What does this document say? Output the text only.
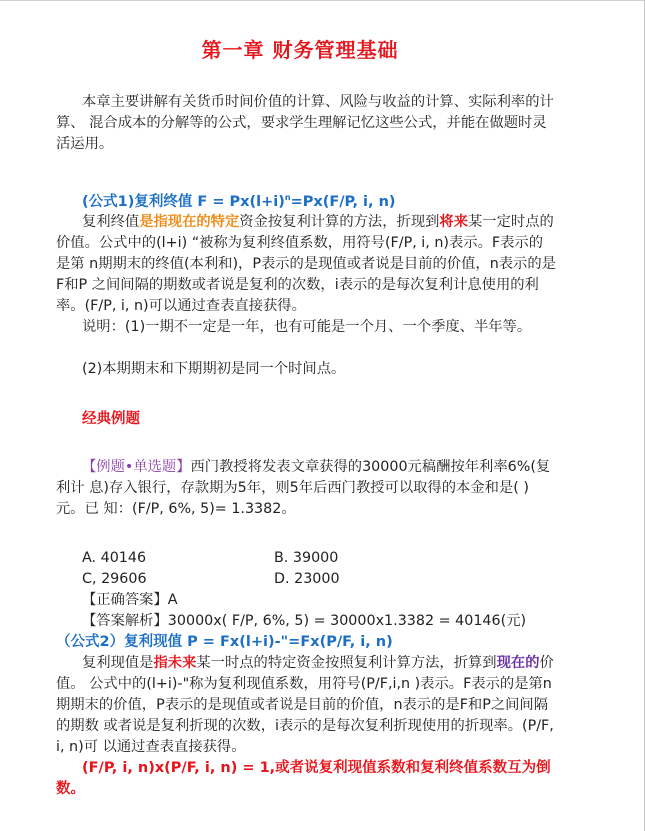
第一章 财务管理基础
本章主要讲解有关货币时间价值的计算、风险与收益的计算、实际利率的计算、 混合成本的分解等的公式，要求学生理解记忆这些公式，并能在做题时灵活运用。
(公式1)复利终值 $F = Px(l+i)^n=Px(F/P$, i, n)
复利终值是指现在的特定资金按复利计算的方法，折现到将来某一定时点的价值。公式中的(l+i) “被称为复利终值系数，用符号(F/P, i, n)表示。F表示的是第 n期期末的终值(本利和)，P表示的是现值或者说是目前的价值，n表示的是F和P 之间间隔的期数或者说是复利的次数，i表示的是每次复利计息使用的利率。(F/P, i, n)可以通过查表直接获得。
说明：(1)一期不一定是一年，也有可能是一个月、一个季度、半年等。
(2)本期期末和下期期初是同一个时间点。
经典例题
【例题•单选题】西门教授将发表文章获得的30000元稿酬按年利率6%(复利计 息)存入银行，存款期为5年，则5年后西门教授可以取得的本金和是( )元。已 知：(F/P, 6%, 5)= 1.3382。
A. 40146	B. 39000
C, 29606	D. 23000
【正确答案】A
【答案解析】30000x( F/P, 6%, 5) = 30000x1.3382 = 40146(元)
（公式2）复利现值 P = Fx(l+i)-"=Fx(P/F, i, n)
复利现值是指未来某一时点的特定资金按照复利计算方法，折算到现在的价值。 公式中的(l+i)-"称为复利现值系数，用符号(P/F,i,n )表示。F表示的是第n期期末的价值，P表示的是现值或者说是目前的价值，n表示的是F和P之间间隔的期数 或者说是复利折现的次数，i表示的是每次复利折现使用的折现率。(P/F, i, n)可 以通过查表直接获得。
(F/P, i, n)x(P/F, i, n) = 1,或者说复利现值系数和复利终值系数互为倒数。
